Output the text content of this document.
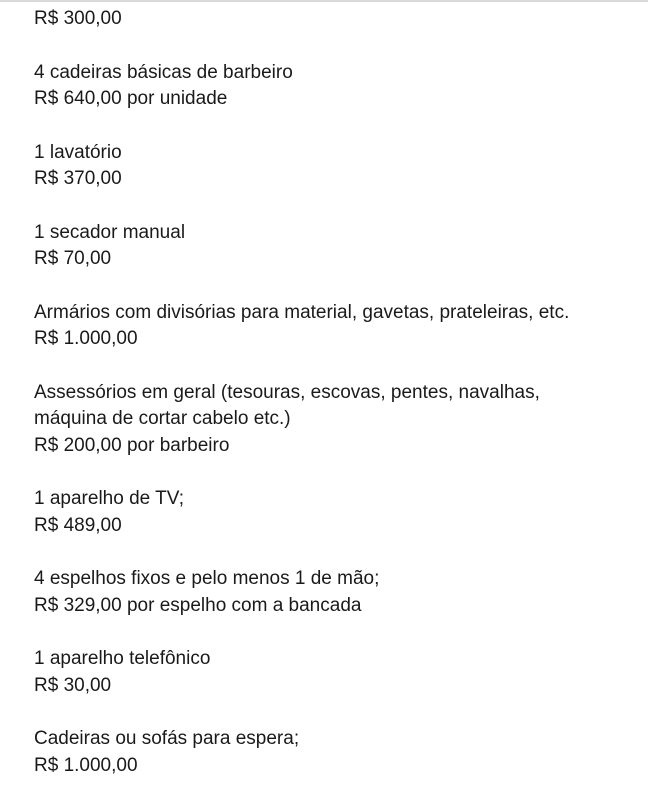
R$ 300,00
4 cadeiras básicas de barbeiro
R$ 640,00 por unidade
1 lavatório
R$ 370,00
1 secador manual
R$ 70,00
Armários com divisórias para material, gavetas, prateleiras, etc.
R$ 1.000,00
Assessórios em geral (tesouras, escovas, pentes, navalhas,
máquina de cortar cabelo etc.)
R$ 200,00 por barbeiro
1 aparelho de TV;
R$ 489,00
4 espelhos fixos e pelo menos 1 de mão;
R$ 329,00 por espelho com a bancada
1 aparelho telefônico
R$ 30,00
Cadeiras ou sofás para espera;
R$ 1.000,00
